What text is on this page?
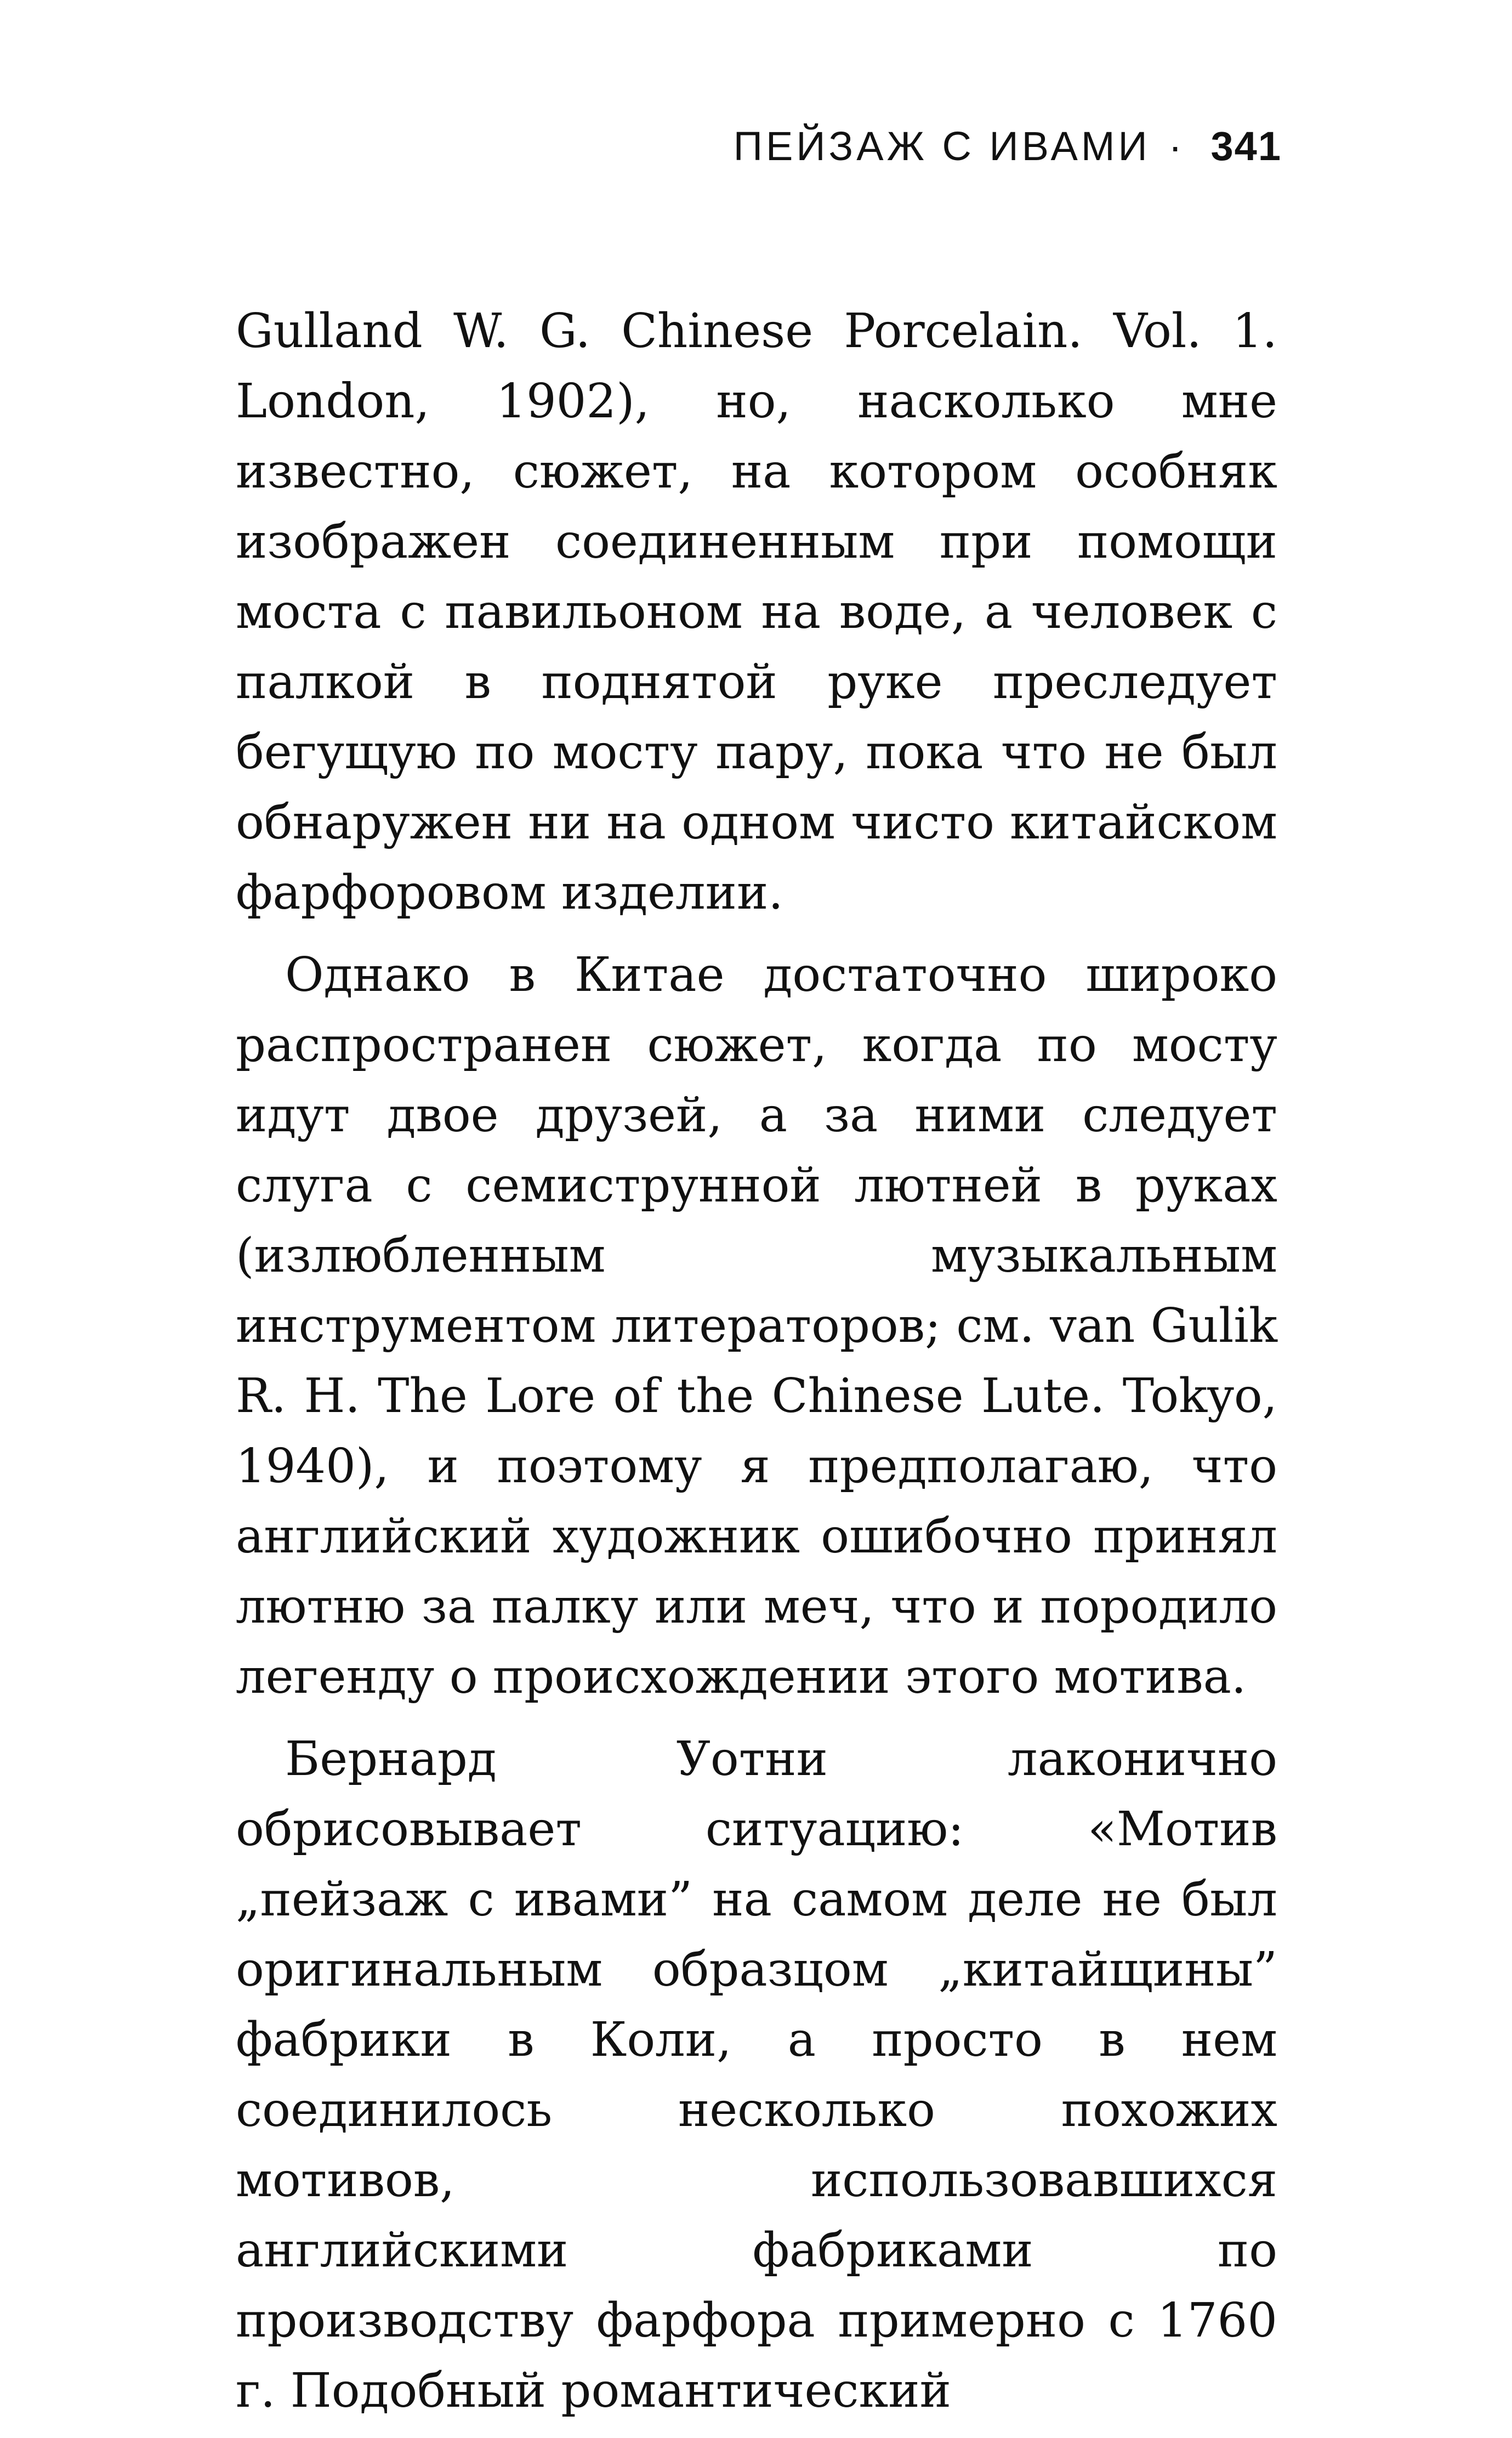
ПЕЙЗАЖ С ИВАМИ · 341

Gulland W. G. Chinese Porcelain. Vol. 1. London, 1902), но, насколько мне известно, сюжет, на котором особняк изображен соединенным при помощи моста с павильоном на воде, а человек с палкой в поднятой руке преследует бегущую по мосту пару, пока что не был обнаружен ни на одном чисто китайском фарфоровом изделии.

Однако в Китае достаточно широко распространен сюжет, когда по мосту идут двое друзей, а за ними следует слуга с семиструнной лютней в руках (излюбленным музыкальным инструментом литераторов; см. van Gulik R. H. The Lore of the Chinese Lute. Tokyo, 1940), и поэтому я предполагаю, что английский художник ошибочно принял лютню за палку или меч, что и породило легенду о происхождении этого мотива.

Бернард Уотни лаконично обрисовывает ситуацию: «Мотив „пейзаж с ивами” на самом деле не был оригинальным образцом „китайщины” фабрики в Коли, а просто в нем соединилось несколько похожих мотивов, использовавшихся английскими фабриками по производству фарфора примерно с 1760 г. Подобный романтический
